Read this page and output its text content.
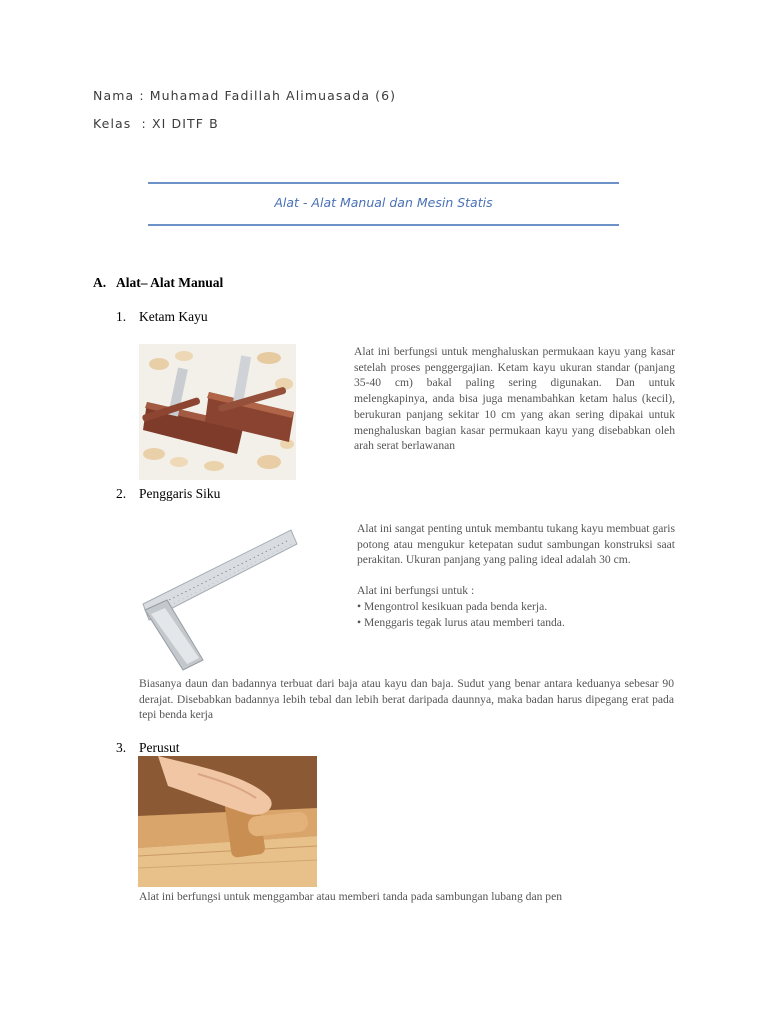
Nama : Muhamad Fadillah Alimuasada (6)
Kelas  : XI DITF B
Alat - Alat Manual dan Mesin Statis
A. Alat– Alat Manual
1. Ketam Kayu

Alat ini berfungsi untuk menghaluskan permukaan kayu yang kasar setelah proses penggergajian. Ketam kayu ukuran standar (panjang 35-40 cm) bakal paling sering digunakan. Dan untuk melengkapinya, anda bisa juga menambahkan ketam halus (kecil), berukuran panjang sekitar 10 cm yang akan sering dipakai untuk menghaluskan bagian kasar permukaan kayu yang disebabkan oleh arah serat berlawanan

2. Penggaris Siku

Alat ini sangat penting untuk membantu tukang kayu membuat garis potong atau mengukur ketepatan sudut sambungan konstruksi saat perakitan. Ukuran panjang yang paling ideal adalah 30 cm.

Alat ini berfungsi untuk :

• Mengontrol kesikuan pada benda kerja.

• Menggaris tegak lurus atau memberi tanda.

Biasanya daun dan badannya terbuat dari baja atau kayu dan baja. Sudut yang benar antara keduanya sebesar 90 derajat. Disebabkan badannya lebih tebal dan lebih berat daripada daunnya, maka badan harus dipegang erat pada tepi benda kerja

3. Perusut

Alat ini berfungsi untuk menggambar atau memberi tanda pada sambungan lubang dan pen
